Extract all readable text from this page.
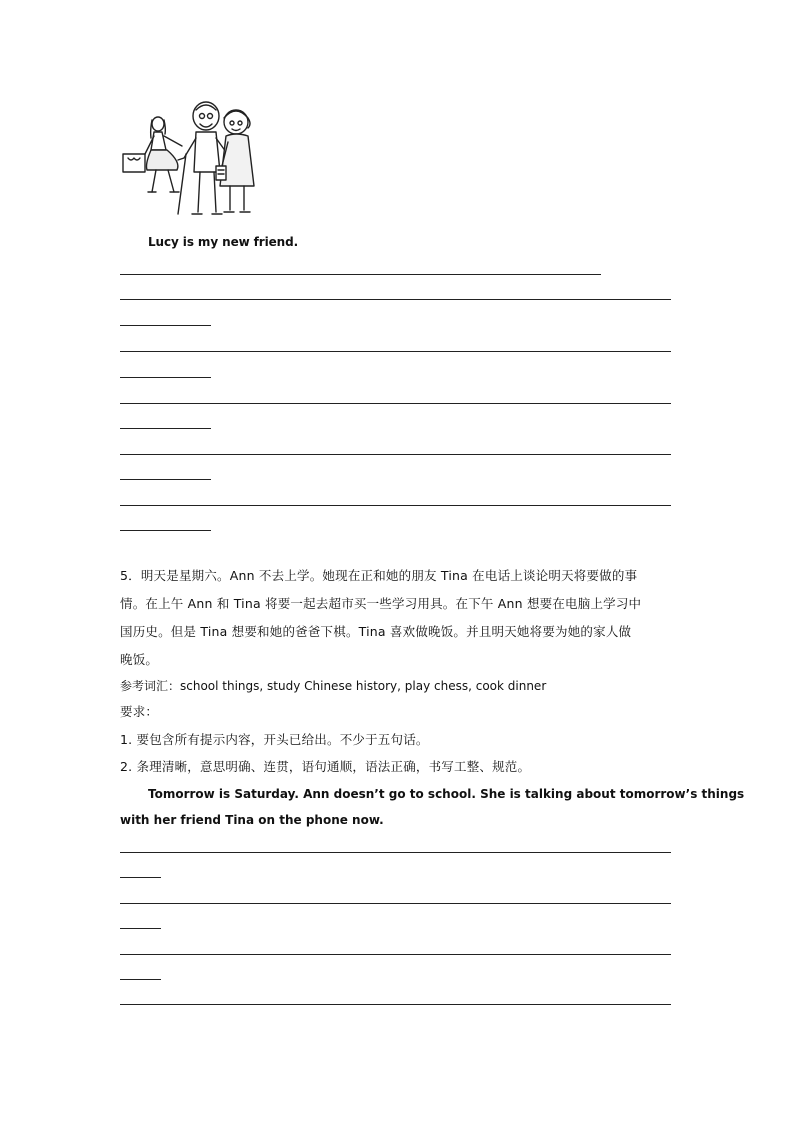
Lucy is my new friend.
5．明天是星期六。Ann 不去上学。她现在正和她的朋友 Tina 在电话上谈论明天将要做的事
情。在上午 Ann 和 Tina 将要一起去超市买一些学习用具。在下午 Ann 想要在电脑上学习中
国历史。但是 Tina 想要和她的爸爸下棋。Tina 喜欢做晚饭。并且明天她将要为她的家人做
晚饭。
参考词汇：school things, study Chinese history, play chess, cook dinner
要求：
1. 要包含所有提示内容，开头已给出。不少于五句话。
2. 条理清晰，意思明确、连贯，语句通顺，语法正确，书写工整、规范。
Tomorrow is Saturday. Ann doesn’t go to school. She is talking about tomorrow’s things
with her friend Tina on the phone now.
